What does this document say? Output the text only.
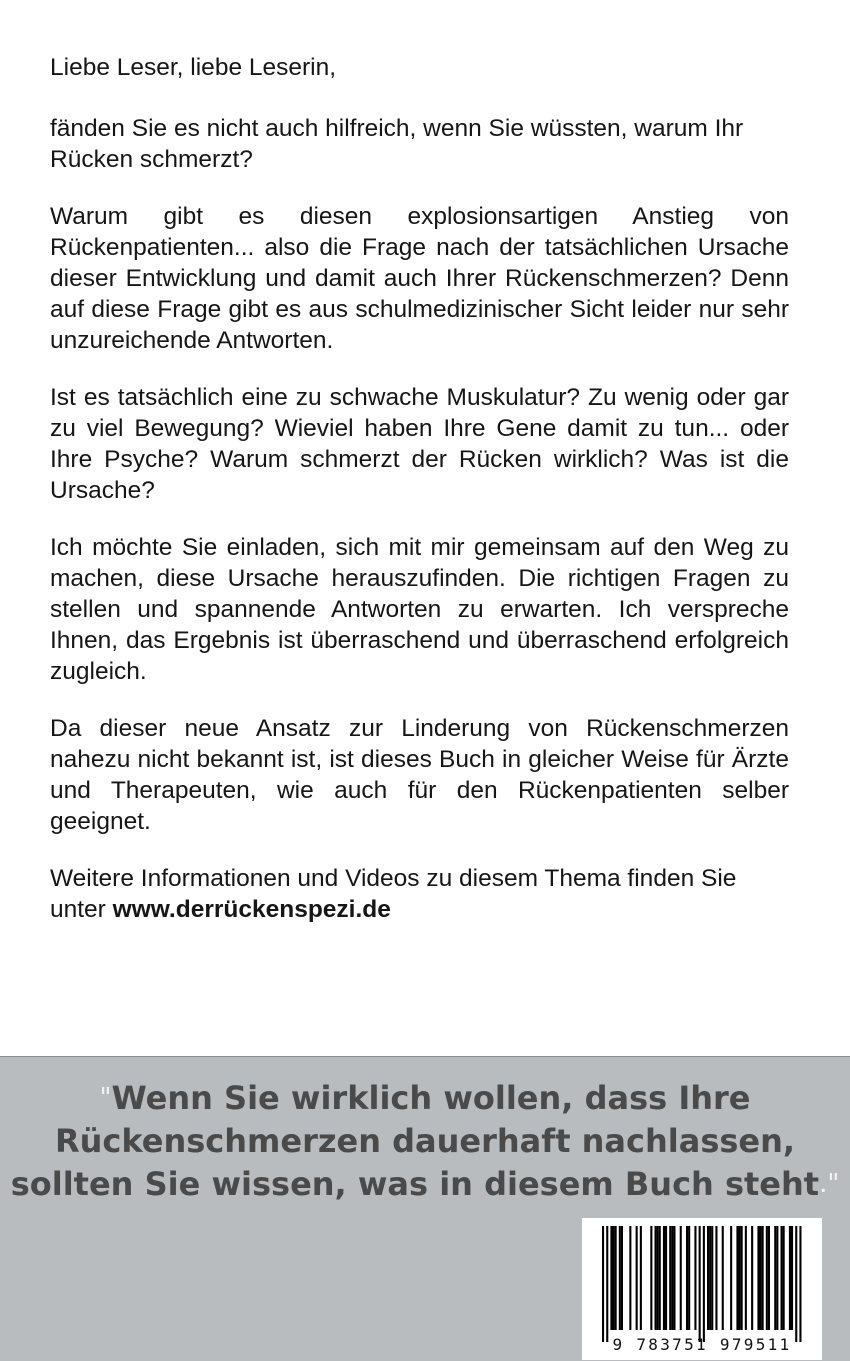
Liebe Leser, liebe Leserin,

fänden Sie es nicht auch hilfreich, wenn Sie wüssten, warum Ihr Rücken schmerzt?

Warum gibt es diesen explosionsartigen Anstieg von Rückenpatienten... also die Frage nach der tatsächlichen Ursache dieser Entwicklung und damit auch Ihrer Rückenschmerzen? Denn auf diese Frage gibt es aus schulmedizinischer Sicht leider nur sehr unzureichende Antworten.

Ist es tatsächlich eine zu schwache Muskulatur? Zu wenig oder gar zu viel Bewegung? Wieviel haben Ihre Gene damit zu tun... oder Ihre Psyche? Warum schmerzt der Rücken wirklich? Was ist die Ursache?

Ich möchte Sie einladen, sich mit mir gemeinsam auf den Weg zu machen, diese Ursache herauszufinden. Die richtigen Fragen zu stellen und spannende Antworten zu erwarten. Ich verspreche Ihnen, das Ergebnis ist überraschend und überraschend erfolgreich zugleich.

Da dieser neue Ansatz zur Linderung von Rückenschmerzen nahezu nicht bekannt ist, ist dieses Buch in gleicher Weise für Ärzte und Therapeuten, wie auch für den Rückenpatienten selber geeignet.

Weitere Informationen und Videos zu diesem Thema finden Sie unter www.derrückenspezi.de

"Wenn Sie wirklich wollen, dass Ihre
Rückenschmerzen dauerhaft nachlassen,
sollten Sie wissen, was in diesem Buch steht."
9 783751 979511
